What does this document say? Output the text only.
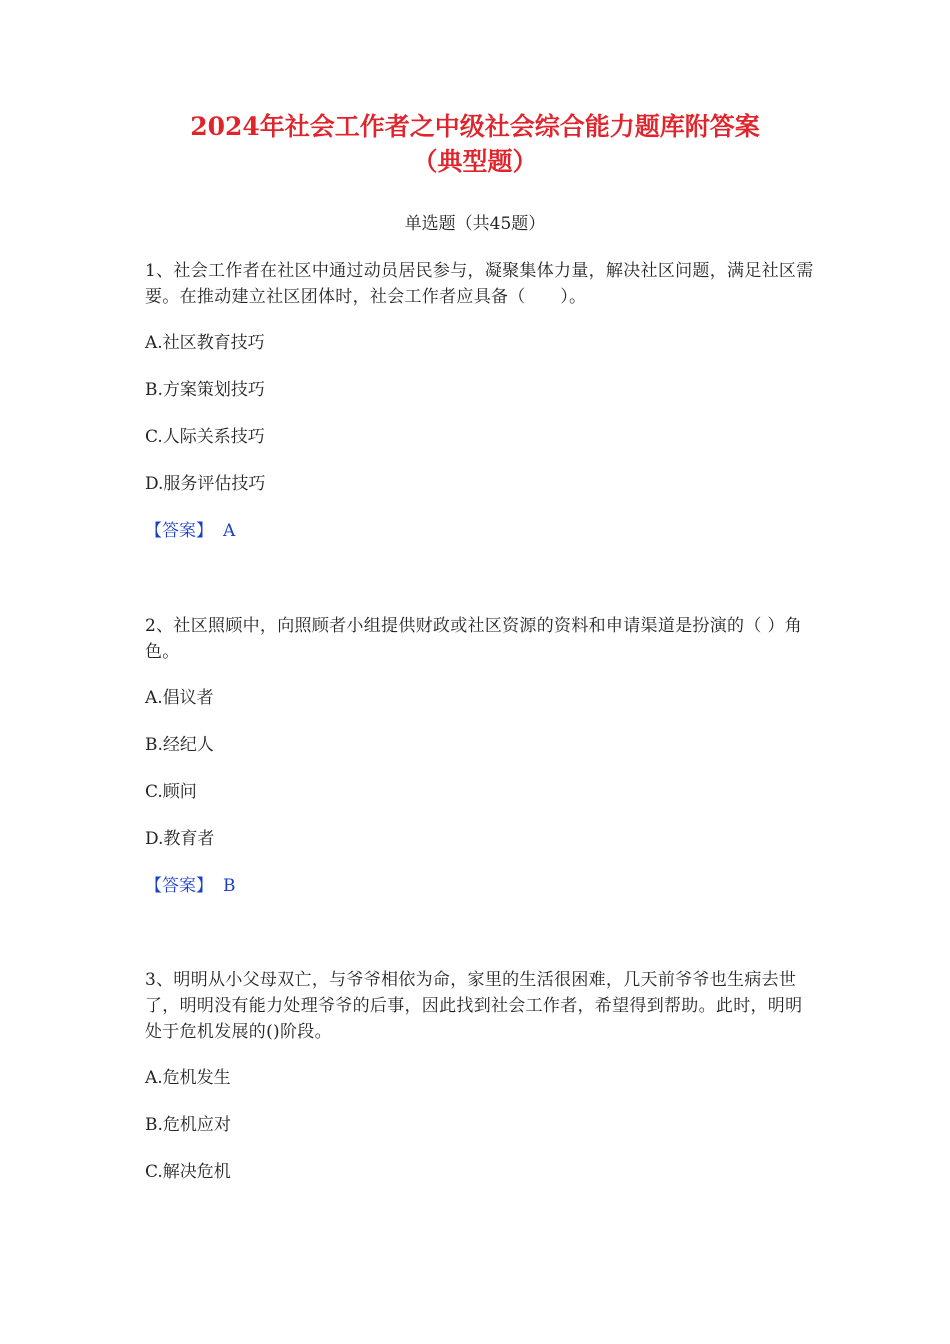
2024年社会工作者之中级社会综合能力题库附答案
（典型题）
单选题（共45题）
1、社会工作者在社区中通过动员居民参与，凝聚集体力量，解决社区问题，满足社区需要。在推动建立社区团体时，社会工作者应具备（　　）。
A.社区教育技巧
B.方案策划技巧
C.人际关系技巧
D.服务评估技巧
【答案】 A
2、社区照顾中，向照顾者小组提供财政或社区资源的资料和申请渠道是扮演的（ ）角色。
A.倡议者
B.经纪人
C.顾问
D.教育者
【答案】 B
3、明明从小父母双亡，与爷爷相依为命，家里的生活很困难，几天前爷爷也生病去世了，明明没有能力处理爷爷的后事，因此找到社会工作者，希望得到帮助。此时，明明处于危机发展的()阶段。
A.危机发生
B.危机应对
C.解决危机
